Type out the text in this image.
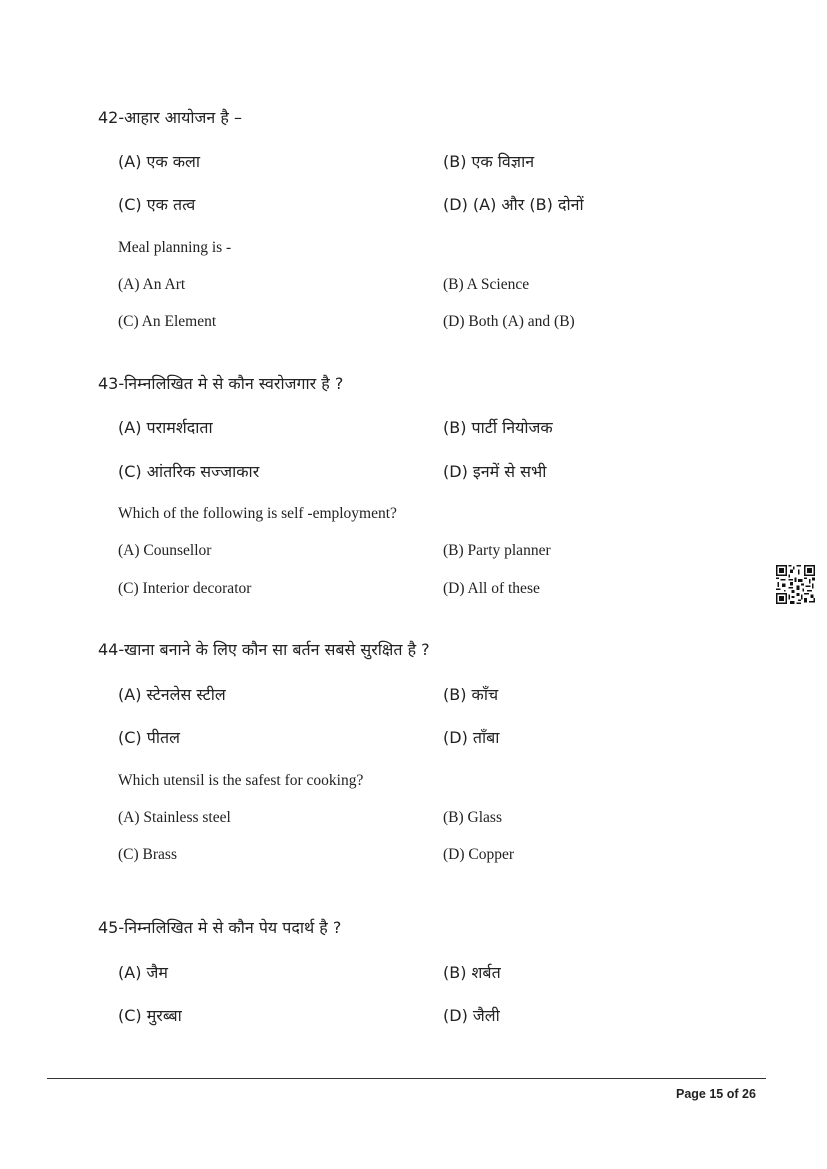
42-आहार आयोजन है –
(A) एक कला	(B) एक विज्ञान
(C) एक तत्व	(D) (A) और (B) दोनों
Meal planning is -
(A) An Art	(B) A Science
(C) An Element	(D) Both (A) and (B)
43-निम्नलिखित मे से कौन स्वरोजगार है ?
(A) परामर्शदाता	(B) पार्टी नियोजक
(C) आंतरिक सज्जाकार	(D) इनमें से सभी
Which of the following is self -employment?
(A) Counsellor	(B) Party planner
(C) Interior decorator	(D) All of these
44-खाना बनाने के लिए कौन सा बर्तन सबसे सुरक्षित है ?
(A) स्टेनलेस स्टील	(B) काँच
(C) पीतल	(D) ताँबा
Which utensil is the safest for cooking?
(A) Stainless steel	(B) Glass
(C) Brass	(D) Copper
45-निम्नलिखित मे से कौन पेय पदार्थ है ?
(A) जैम	(B) शर्बत
(C) मुरब्बा	(D) जैली
Page 15 of 26
